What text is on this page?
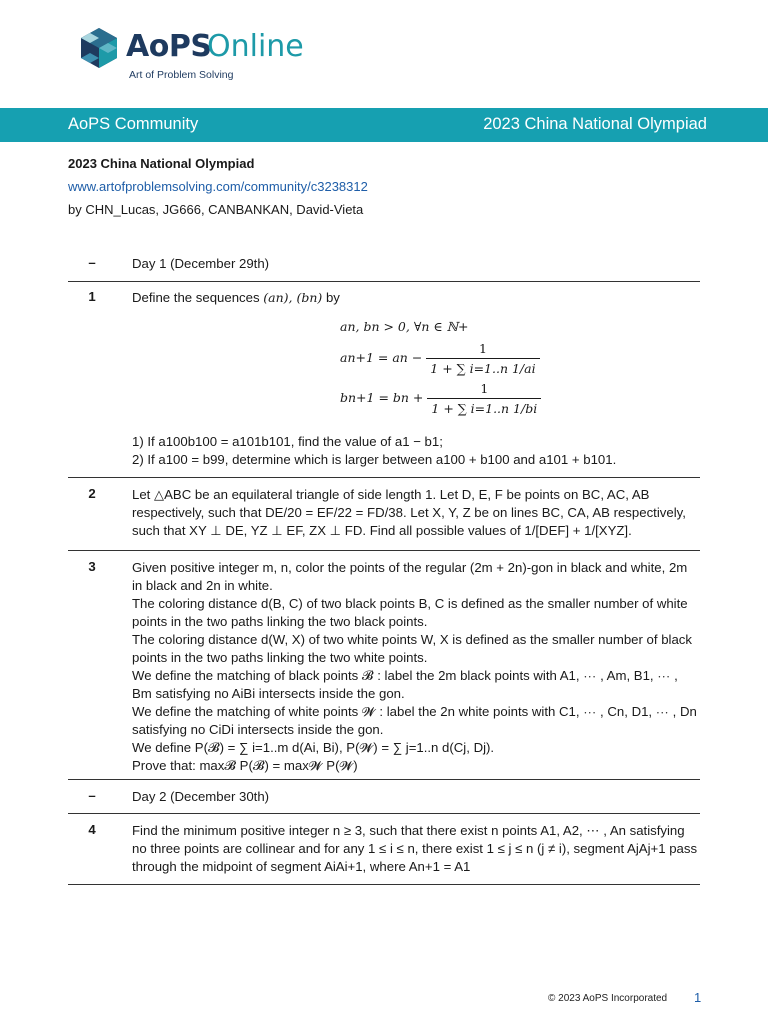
AoPS
Online
Art of Problem Solving
AoPS Community	2023 China National Olympiad
2023 China National Olympiad
www.artofproblemsolving.com/community/c3238312
by CHN_Lucas, JG666, CANBANKAN, David-Vieta
–	Day 1 (December 29th)
1	Define the sequences (an), (bn) by
an, bn > 0, ∀n ∈ ℕ+
an+1 = an − $\frac{1}{1 + \sum i=1..n 1/ai}$
bn+1 = bn + $\frac{1}{1 + \sum i=1..n 1/bi}$
1) If a100b100 = a101b101, find the value of a1 − b1;
2) If a100 = b99, determine which is larger between a100 + b100 and a101 + b101.
2	Let △ABC be an equilateral triangle of side length 1. Let D, E, F be points on BC, AC, AB respectively, such that DE/20 = EF/22 = FD/38. Let X, Y, Z be on lines BC, CA, AB respectively, such that XY ⊥ DE, YZ ⊥ EF, ZX ⊥ FD. Find all possible values of 1/[DEF] + 1/[XYZ].
3	Given positive integer m, n, color the points of the regular (2m + 2n)-gon in black and white, 2m in black and 2n in white.
The coloring distance d(B, C) of two black points B, C is defined as the smaller number of white points in the two paths linking the two black points.
The coloring distance d(W, X) of two white points W, X is defined as the smaller number of black points in the two paths linking the two white points.
We define the matching of black points 𝓑 : label the 2m black points with A1, ⋯ , Am, B1, ⋯ , Bm satisfying no AiBi intersects inside the gon.
We define the matching of white points 𝓦 : label the 2n white points with C1, ⋯ , Cn, D1, ⋯ , Dn satisfying no CiDi intersects inside the gon.
We define P(𝓑) = ∑ i=1..m d(Ai, Bi), P(𝓦) = ∑ j=1..n d(Cj, Dj).
Prove that: max𝓑 P(𝓑) = max𝓦 P(𝓦)
–	Day 2 (December 30th)
4	Find the minimum positive integer n ≥ 3, such that there exist n points A1, A2, ⋯ , An satisfying no three points are collinear and for any 1 ≤ i ≤ n, there exist 1 ≤ j ≤ n (j ≠ i), segment AjAj+1 pass through the midpoint of segment AiAi+1, where An+1 = A1
© 2023 AoPS Incorporated 1
